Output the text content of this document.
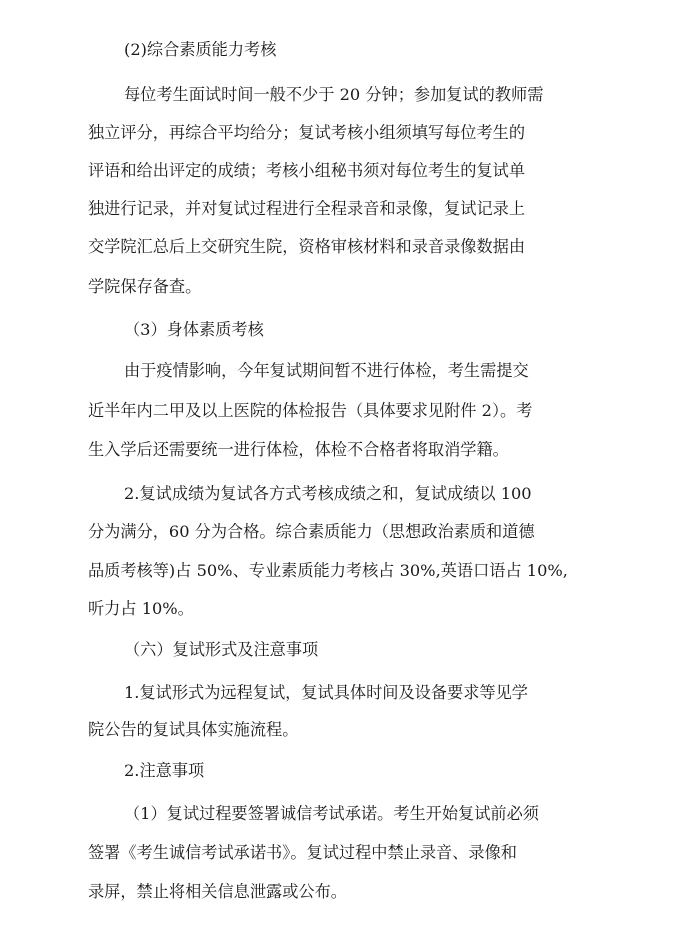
(2)综合素质能力考核
每位考生面试时间一般不少于 20 分钟；参加复试的教师需
独立评分，再综合平均给分；复试考核小组须填写每位考生的
评语和给出评定的成绩；考核小组秘书须对每位考生的复试单
独进行记录，并对复试过程进行全程录音和录像，复试记录上
交学院汇总后上交研究生院，资格审核材料和录音录像数据由
学院保存备查。
（3）身体素质考核
由于疫情影响，今年复试期间暂不进行体检，考生需提交
近半年内二甲及以上医院的体检报告（具体要求见附件 2）。考
生入学后还需要统一进行体检，体检不合格者将取消学籍。
2.复试成绩为复试各方式考核成绩之和，复试成绩以 100
分为满分，60 分为合格。综合素质能力（思想政治素质和道德
品质考核等)占 50%、专业素质能力考核占 30%,英语口语占 10%,
听力占 10%。
（六）复试形式及注意事项
1.复试形式为远程复试，复试具体时间及设备要求等见学
院公告的复试具体实施流程。
2.注意事项
（1）复试过程要签署诚信考试承诺。考生开始复试前必须
签署《考生诚信考试承诺书》。复试过程中禁止录音、录像和
录屏，禁止将相关信息泄露或公布。
